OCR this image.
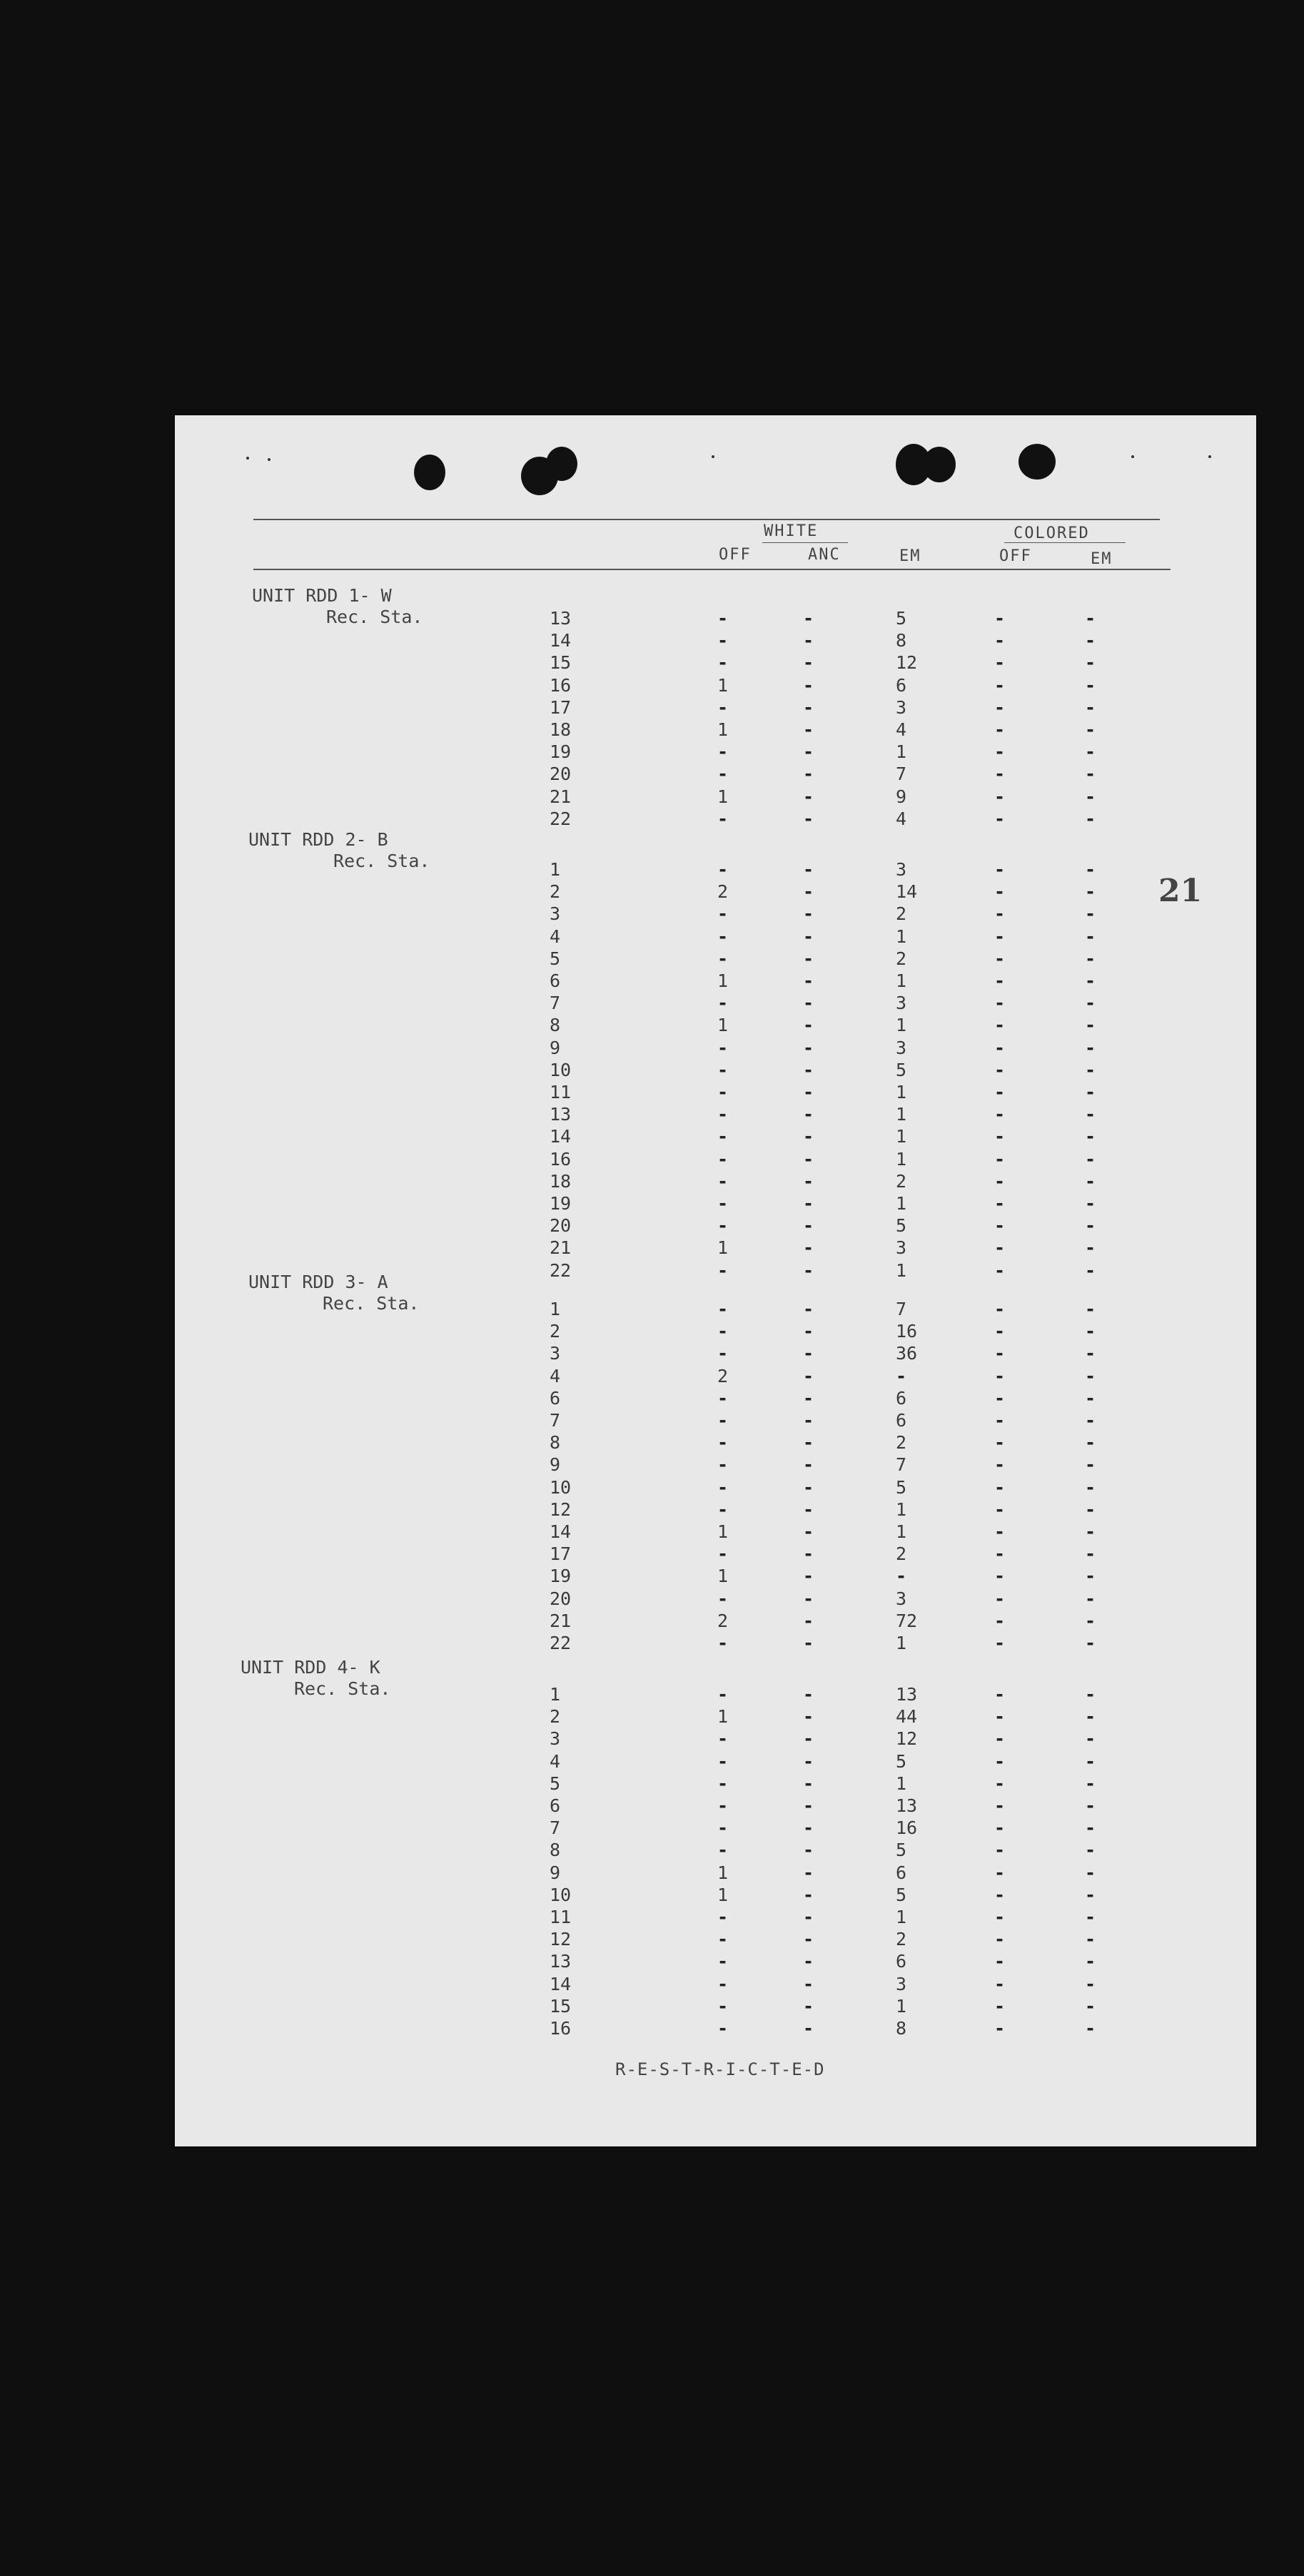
WHITE	COLORED
OFF	ANC	EM	OFF	EM
21
UNIT RDD 1- W
Rec. Sta.	13	-	-	5	-	-
14	-	-	8	-	-
15	-	-	12	-	-
16	1	-	6	-	-
17	-	-	3	-	-
18	1	-	4	-	-
19	-	-	1	-	-
20	-	-	7	-	-
21	1	-	9	-	-
22	-	-	4	-	-
UNIT RDD 2- B
Rec. Sta.	1	-	-	3	-	-
2	2	-	14	-	-
3	-	-	2	-	-
4	-	-	1	-	-
5	-	-	2	-	-
6	1	-	1	-	-
7	-	-	3	-	-
8	1	-	1	-	-
9	-	-	3	-	-
10	-	-	5	-	-
11	-	-	1	-	-
13	-	-	1	-	-
14	-	-	1	-	-
16	-	-	1	-	-
18	-	-	2	-	-
19	-	-	1	-	-
20	-	-	5	-	-
21	1	-	3	-	-
22	-	-	1	-	-
UNIT RDD 3- A
Rec. Sta.	1	-	-	7	-	-
2	-	-	16	-	-
3	-	-	36	-	-
4	2	-	-	-	-
6	-	-	6	-	-
7	-	-	6	-	-
8	-	-	2	-	-
9	-	-	7	-	-
10	-	-	5	-	-
12	-	-	1	-	-
14	1	-	1	-	-
17	-	-	2	-	-
19	1	-	-	-	-
20	-	-	3	-	-
21	2	-	72	-	-
22	-	-	1	-	-
UNIT RDD 4- K
Rec. Sta.	1	-	-	13	-	-
2	1	-	44	-	-
3	-	-	12	-	-
4	-	-	5	-	-
5	-	-	1	-	-
6	-	-	13	-	-
7	-	-	16	-	-
8	-	-	5	-	-
9	1	-	6	-	-
10	1	-	5	-	-
11	-	-	1	-	-
12	-	-	2	-	-
13	-	-	6	-	-
14	-	-	3	-	-
15	-	-	1	-	-
16	-	-	8	-	-
R-E-S-T-R-I-C-T-E-D
